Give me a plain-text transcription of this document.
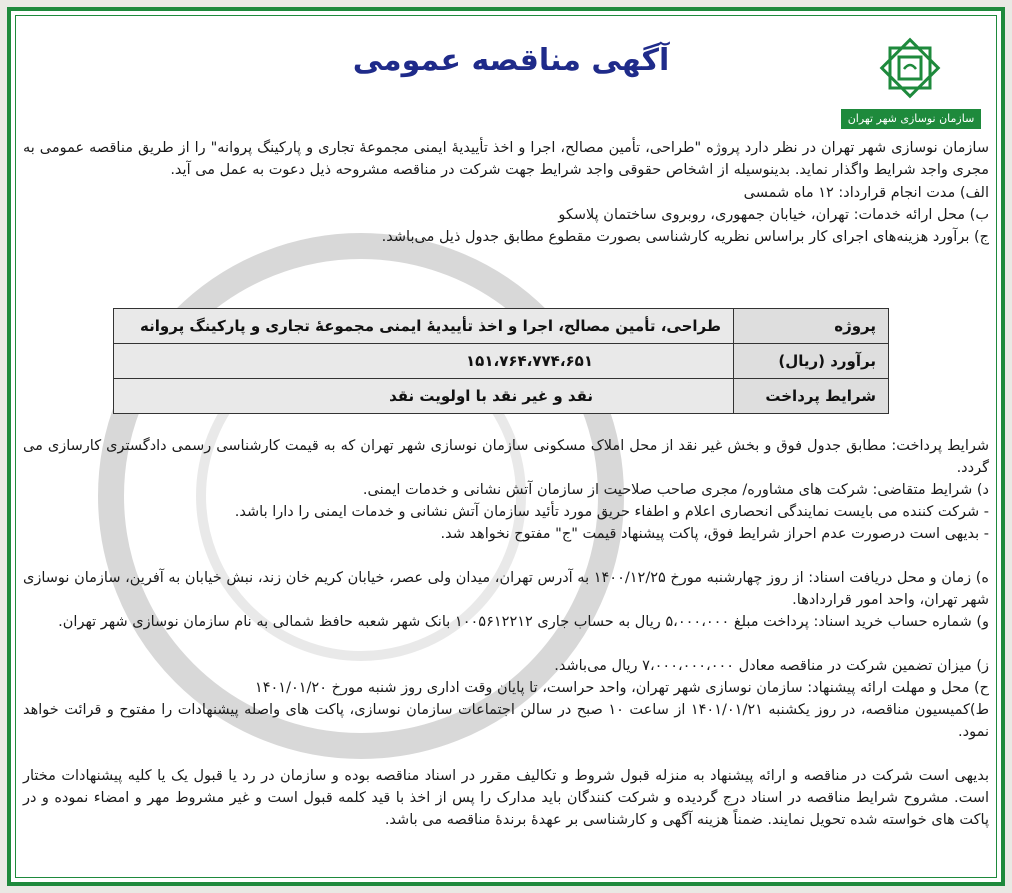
سازمان نوسازی شهر تهران
آگهی مناقصه عمومی

سازمان نوسازی شهر تهران در نظر دارد پروژه "طراحی، تأمین مصالح، اجرا و اخذ تأییدیهٔ ایمنی مجموعهٔ تجاری و پارکینگ پروانه" را از طریق مناقصه عمومی به مجری واجد شرایط واگذار نماید. بدینوسیله از اشخاص حقوقی واجد شرایط جهت شرکت در مناقصه مشروحه ذیل دعوت به عمل می آید.

الف) مدت انجام قرارداد: ۱۲ ماه شمسی

ب) محل ارائه خدمات: تهران، خیابان جمهوری، روبروی ساختمان پلاسکو

ج) برآورد هزینه‌های اجرای کار براساس نظریه کارشناسی بصورت مقطوع مطابق جدول ذیل می‌باشد.

پروژه	طراحی، تأمین مصالح، اجرا و اخذ تأییدیهٔ ایمنی مجموعهٔ تجاری و پارکینگ پروانه
برآورد (ریال)	۱۵۱،۷۶۴،۷۷۴،۶۵۱
شرایط پرداخت	نقد و غیر نقد با اولویت نقد

شرایط پرداخت: مطابق جدول فوق و بخش غیر نقد از محل املاک مسکونی سازمان نوسازی شهر تهران که به قیمت کارشناسی رسمی دادگستری کارسازی می گردد.

د) شرایط متقاضی: شرکت های مشاوره/ مجری صاحب صلاحیت از سازمان آتش نشانی و خدمات ایمنی.

- شرکت کننده می بایست نمایندگی انحصاری اعلام و اطفاء حریق مورد تأئید سازمان آتش نشانی و خدمات ایمنی را دارا باشد.

- بدیهی است درصورت عدم احراز شرایط فوق، پاکت پیشنهاد قیمت "ج" مفتوح نخواهد شد.

ه) زمان و محل دریافت اسناد: از روز چهارشنبه مورخ ۱۴۰۰/۱۲/۲۵ به آدرس تهران، میدان ولی عصر، خیابان کریم خان زند، نبش خیابان به آفرین، سازمان نوسازی شهر تهران، واحد امور قراردادها.

و) شماره حساب خرید اسناد: پرداخت مبلغ ۵،۰۰۰،۰۰۰ ریال به حساب جاری ۱۰۰۵۶۱۲۲۱۲ بانک شهر شعبه حافظ شمالی به نام سازمان نوسازی شهر تهران.

ز) میزان تضمین شرکت در مناقصه معادل ۷،۰۰۰،۰۰۰،۰۰۰ ریال می‌باشد.

ح) محل و مهلت ارائه پیشنهاد: سازمان نوسازی شهر تهران، واحد حراست، تا پایان وقت اداری روز شنبه مورخ ۱۴۰۱/۰۱/۲۰

ط)کمیسیون مناقصه، در روز یکشنبه ۱۴۰۱/۰۱/۲۱ از ساعت ۱۰ صبح در سالن اجتماعات سازمان نوسازی، پاکت های واصله پیشنهادات را مفتوح و قرائت خواهد نمود.

بدیهی است شرکت در مناقصه و ارائه پیشنهاد به منزله قبول شروط و تکالیف مقرر در اسناد مناقصه بوده و سازمان در رد یا قبول یک یا کلیه پیشنهادات مختار است. مشروح شرایط مناقصه در اسناد درج گردیده و شرکت کنندگان باید مدارک را پس از اخذ با قید کلمه قبول است و غیر مشروط مهر و امضاء نموده و در پاکت های خواسته شده تحویل نمایند. ضمناً هزینه آگهی و کارشناسی بر عهدهٔ برندهٔ مناقصه می باشد.
